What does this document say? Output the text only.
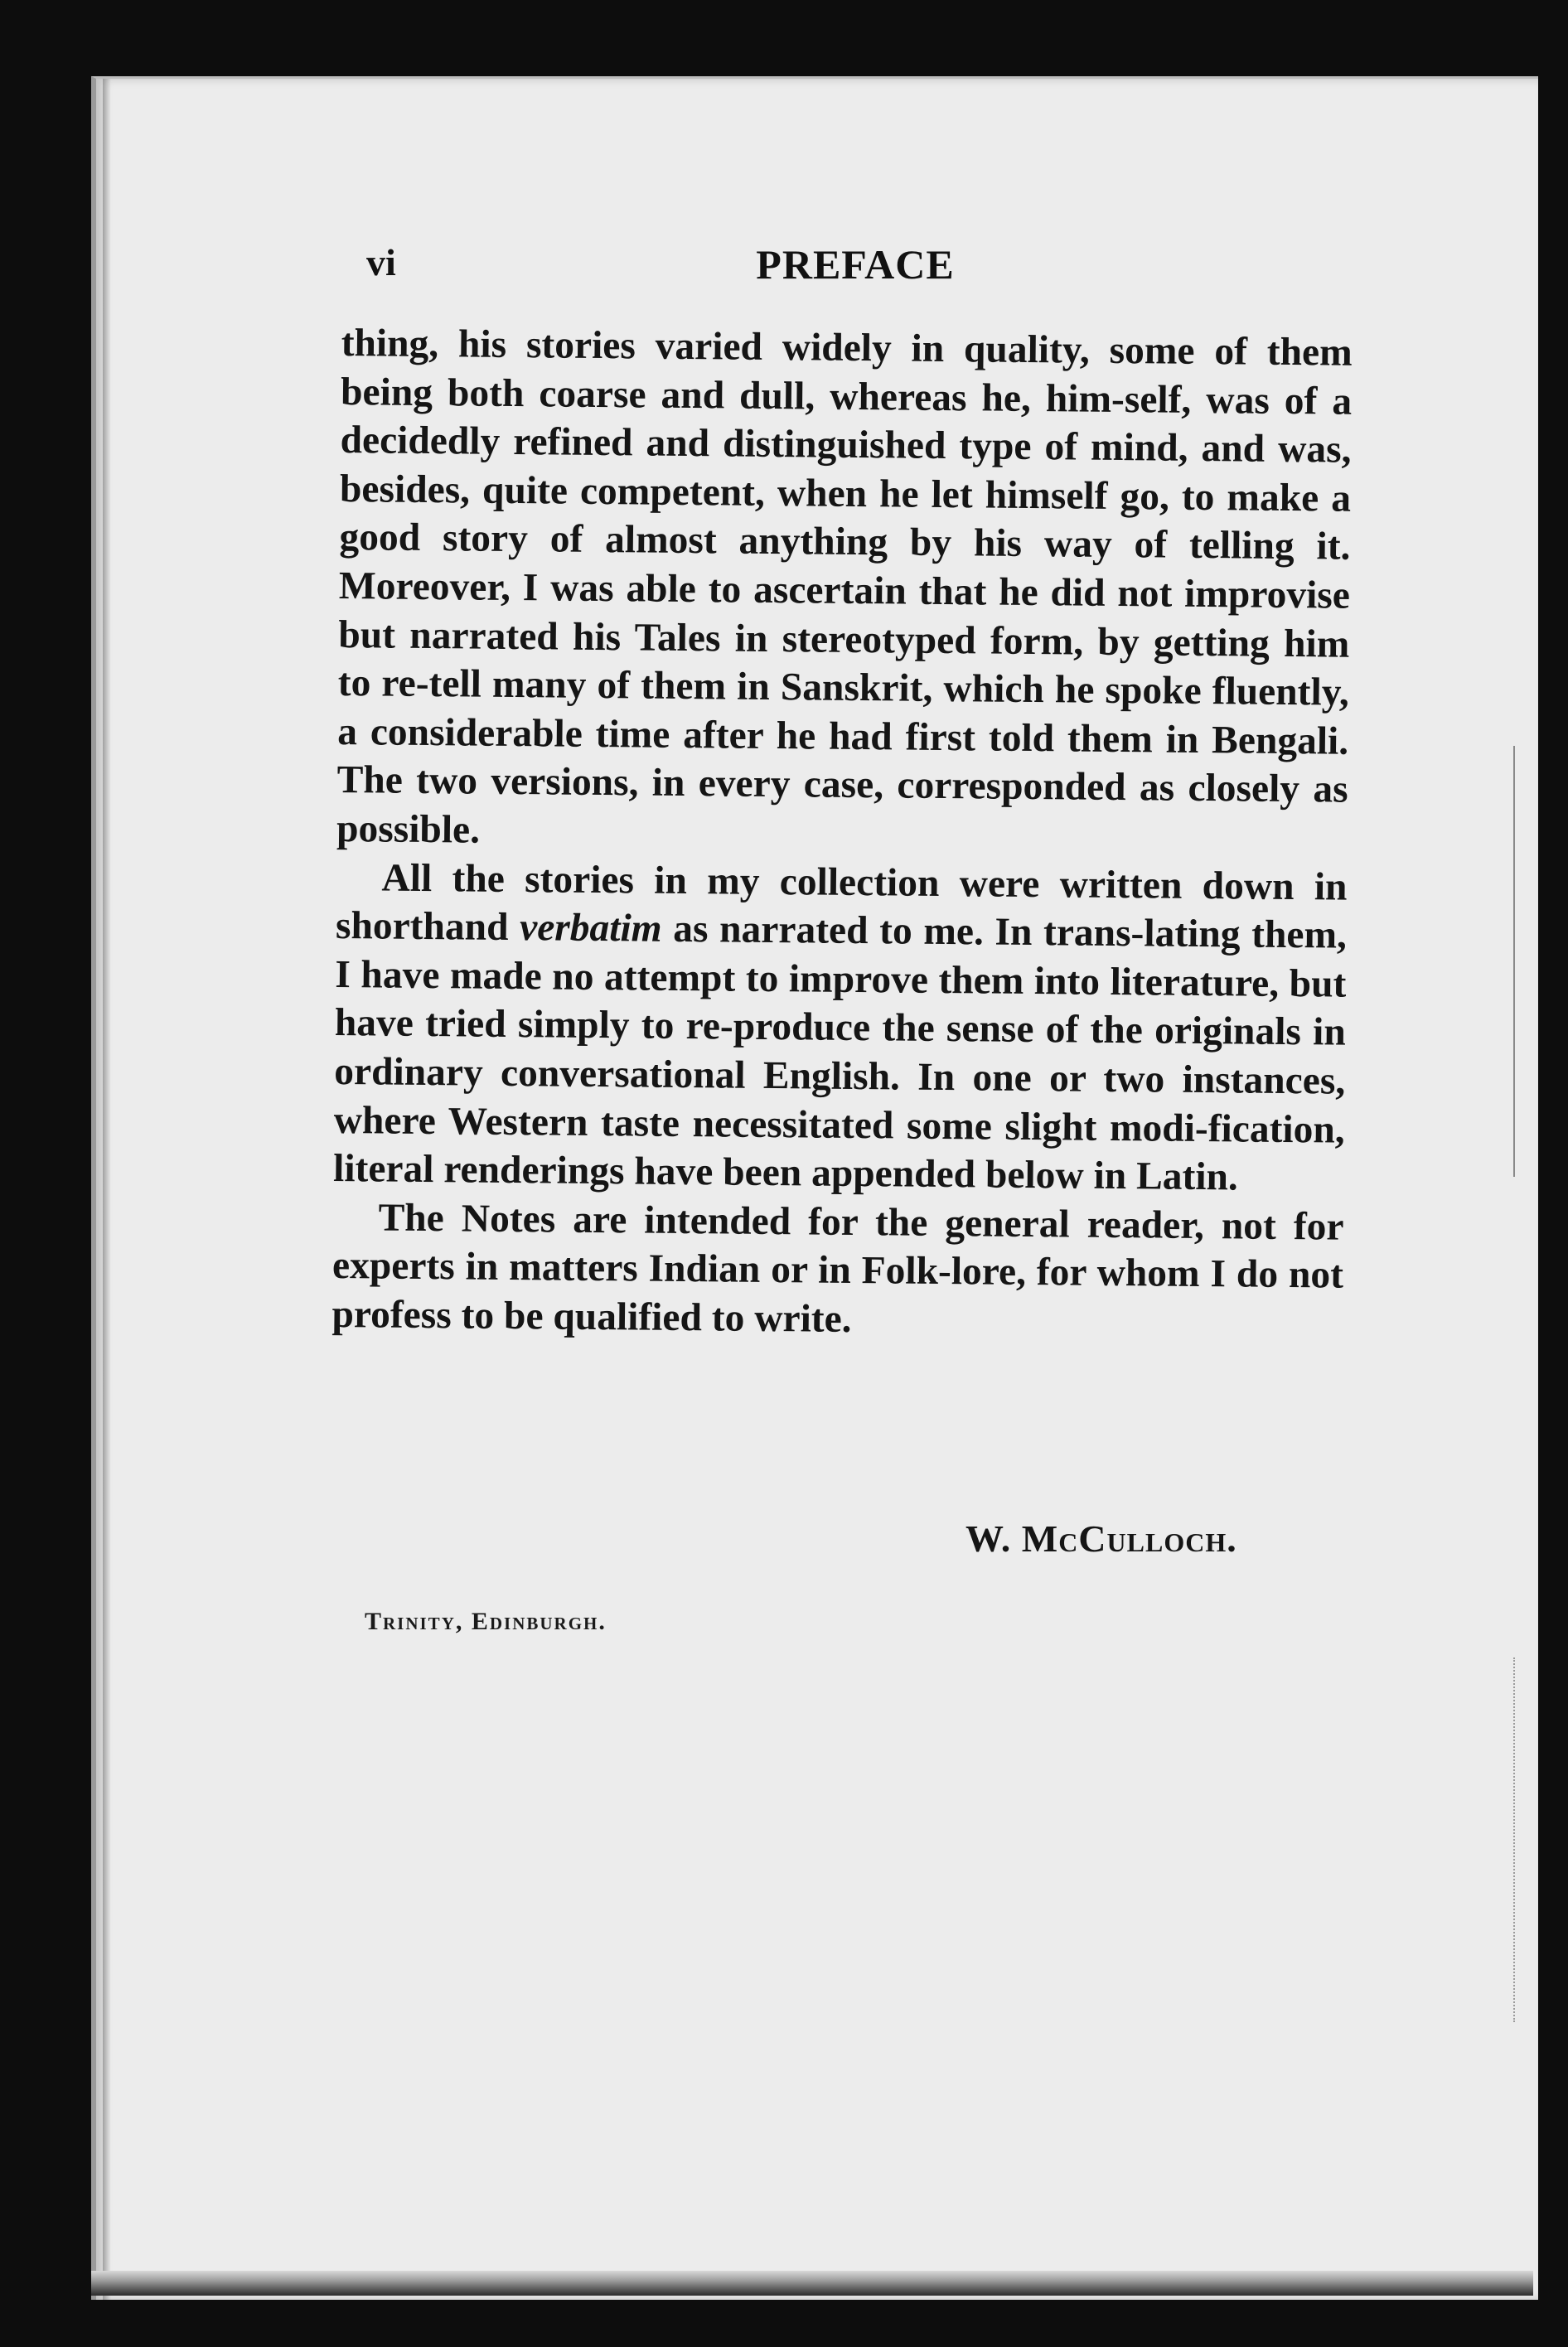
vi	PREFACE

thing, his stories varied widely in quality, some of them being both coarse and dull, whereas he, him-self, was of a decidedly refined and distinguished type of mind, and was, besides, quite competent, when he let himself go, to make a good story of almost anything by his way of telling it. Moreover, I was able to ascertain that he did not improvise but narrated his Tales in stereotyped form, by getting him to re-tell many of them in Sanskrit, which he spoke fluently, a considerable time after he had first told them in Bengali. The two versions, in every case, corresponded as closely as possible.

All the stories in my collection were written down in shorthand verbatim as narrated to me. In trans-lating them, I have made no attempt to improve them into literature, but have tried simply to re-produce the sense of the originals in ordinary conversational English. In one or two instances, where Western taste necessitated some slight modi-fication, literal renderings have been appended below in Latin.

The Notes are intended for the general reader, not for experts in matters Indian or in Folk-lore, for whom I do not profess to be qualified to write.

W. McCulloch.
Trinity, Edinburgh.
